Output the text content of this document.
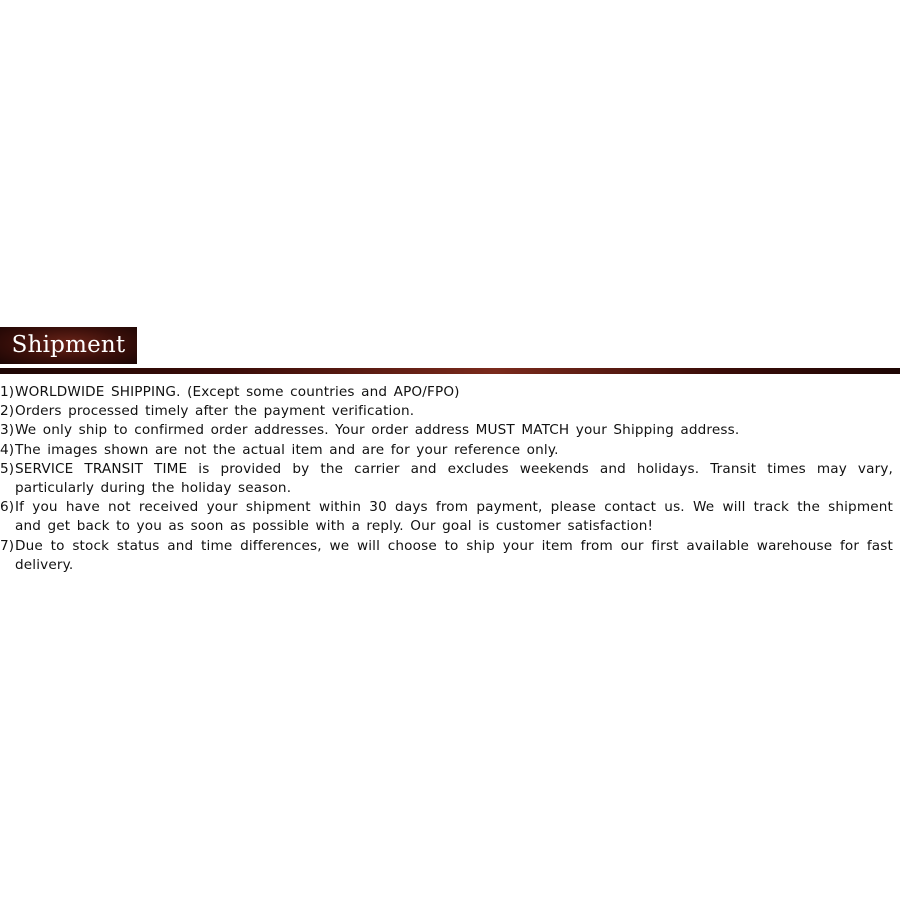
Shipment
1) WORLDWIDE SHIPPING. (Except some countries and APO/FPO)
2) Orders processed timely after the payment verification.
3) We only ship to confirmed order addresses. Your order address MUST MATCH your Shipping address.
4) The images shown are not the actual item and are for your reference only.
5) SERVICE TRANSIT TIME is provided by the carrier and excludes weekends and holidays. Transit times may vary, particularly during the holiday season.
6) If you have not received your shipment within 30 days from payment, please contact us. We will track the shipment and get back to you as soon as possible with a reply. Our goal is customer satisfaction!
7) Due to stock status and time differences, we will choose to ship your item from our first available warehouse for fast delivery.
